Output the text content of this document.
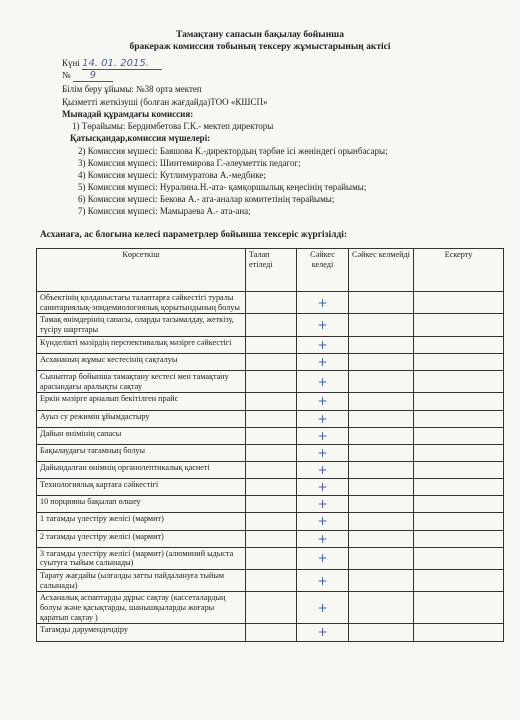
Тамақтану сапасын бақылау бойынша
бракераж комиссия тобының тексеру жұмыстарының актісі
Күні 14. 01. 2015.
№ 9
Білім беру ұйымы: №38 орта мектеп
Қызметті жеткізуші (болған жағдайда)ТОО «КШСП»
Мынадай құрамдағы комиссия:
1) Төрайымы: Бердимбетова Г.К.- мектеп директоры
Қатысқандар,комиссия мүшелері:
2) Комиссия мүшесі: Баяшова К.-директордың тәрбие ісі жөніндегі орынбасары;
3) Комиссия мүшесі: Шинтемирова Г.-әлеуметтік педагог;
4) Комиссия мүшесі: Кутлимуратова А.-медбике;
5) Комиссия мүшесі: Нуралина.Н.-ата- қамқоршылық кеңесінің төрайымы;
6) Комиссия мүшесі: Бекова А.- ата-аналар комитетінің төрайымы;
7) Комиссия мүшесі: Мамыраева А.- ата-ана;
Асханаға, ас блогына келесі параметрлер бойынша тексеріс жүргізілді:
Көрсеткіш	Талап етіледі	Сәйкес келеді	Сәйкес келмейді	Ескерту
Объектінің қолданыстағы талаптарға сәйкестігі туралы санитариялық-эпидемиологиялық қорытындының болуы		+		
Тамақ өнімдерінің сапасы, оларды тасымалдау, жеткізу, түсіру шарттары		+		
Күнделікті мәзірдің перспективалық мәзірге сәйкестігі		+		
Асхананың жұмыс кестесінің сақталуы		+		
Сыныптар бойынша тамақтану кестесі мен тамақтану арасындағы аралықты сақтау		+		
Еркін мәзірге арналып бекітілген прайс		+		
Ауыз су режимін ұйымдастыру		+		
Дайын өнімінің сапасы		+		
Бақылаудағы тағамның болуы		+		
Дайындалған өнімнің органолептикалық қасиеті		+		
Технологиялық картаға сәйкестігі		+		
10 порцияны бақылап өлшеу		+		
1 тағамды үлестіру желісі (мармит)		+		
2 тағамды үлестіру желісі (мармит)		+		
3 тағамды үлестіру желісі (мармит) (алюминий ыдыста суытуға тыйым салынады)		+		
Тарату жағдайы (ылғалды затты пайдалануға тыйым салынады)		+		
Асханалық аспаптарды дұрыс сақтау (кассеталардың болуы және қасықтарды, шанышқыларды жоғары қаратып сақтау )		+		
Тағамды дәрумендендіру		+		
